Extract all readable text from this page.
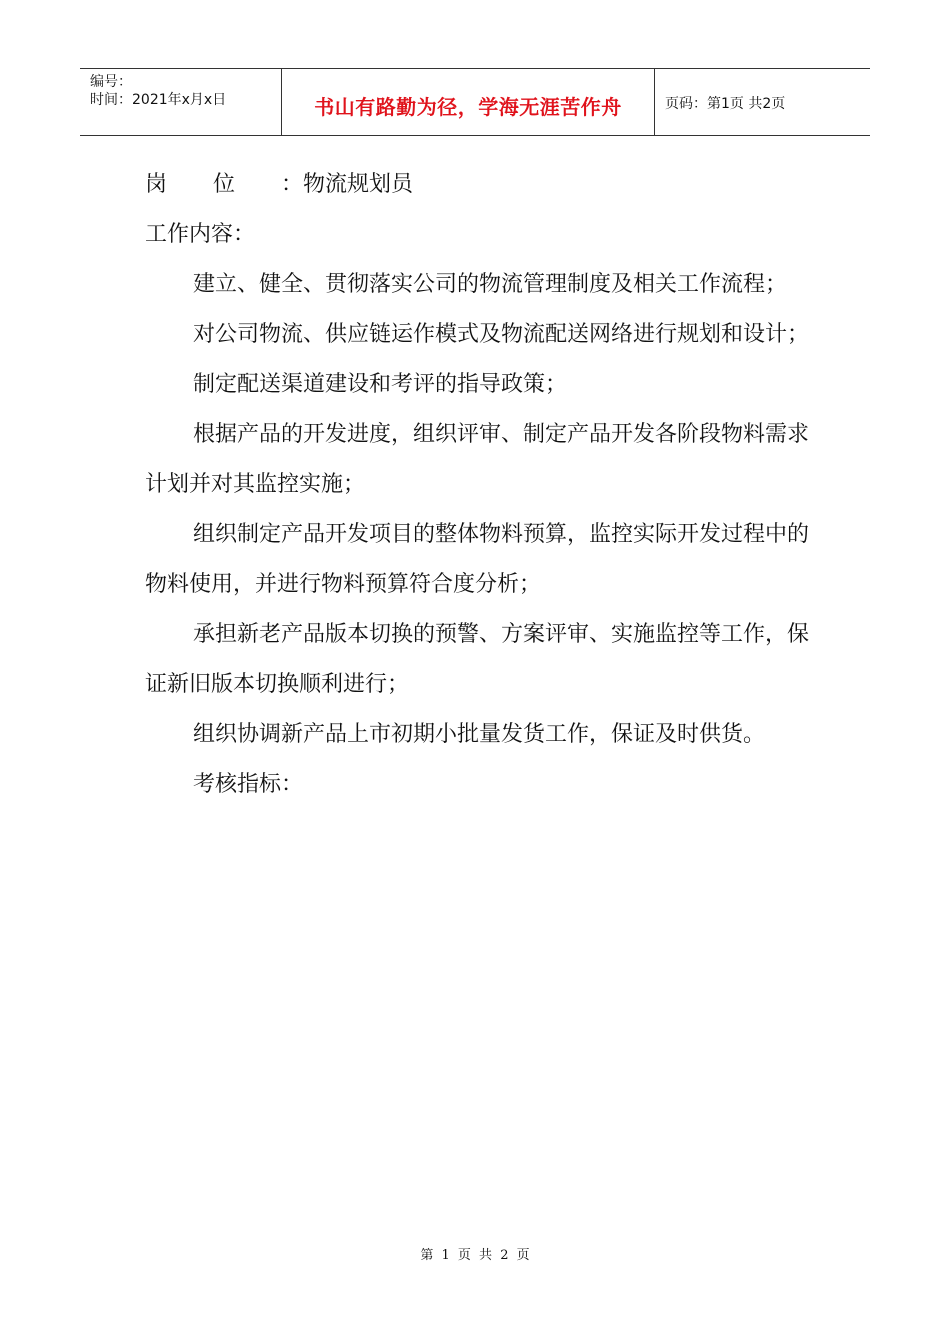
编号：
时间：2021年x月x日	书山有路勤为径，学海无涯苦作舟	页码：第1页 共2页

岗位：物流规划员

工作内容：

建立、健全、贯彻落实公司的物流管理制度及相关工作流程；

对公司物流、供应链运作模式及物流配送网络进行规划和设计；

制定配送渠道建设和考评的指导政策；

根据产品的开发进度，组织评审、制定产品开发各阶段物料需求计划并对其监控实施；

组织制定产品开发项目的整体物料预算，监控实际开发过程中的物料使用，并进行物料预算符合度分析；

承担新老产品版本切换的预警、方案评审、实施监控等工作，保证新旧版本切换顺利进行；

组织协调新产品上市初期小批量发货工作，保证及时供货。

考核指标：

第 1 页 共 2 页
